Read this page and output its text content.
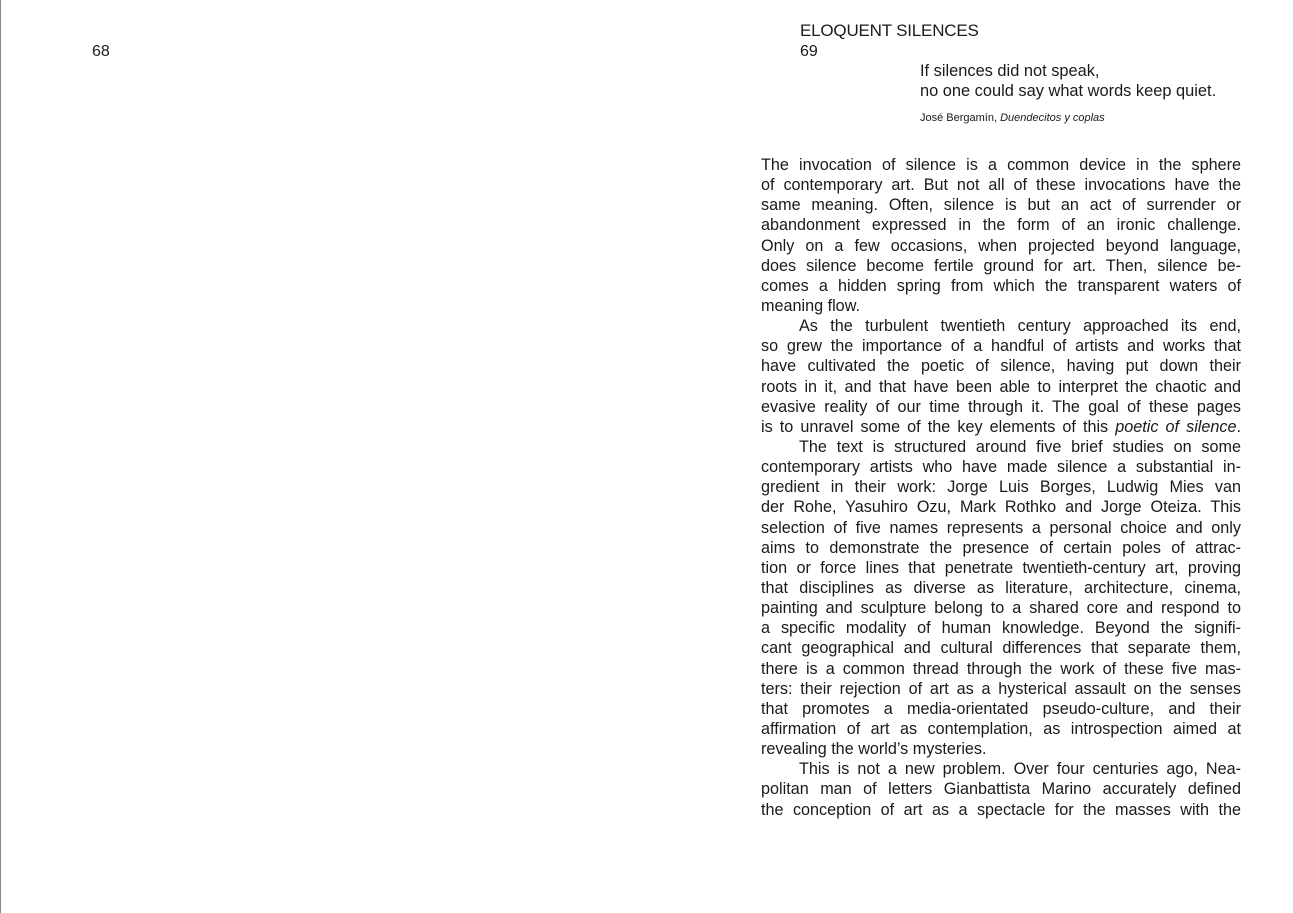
68
ELOQUENT SILENCES
69
If silences did not speak,
no one could say what words keep quiet.
José Bergamín, Duendecitos y coplas
The invocation of silence is a common device in the sphere
of contemporary art. But not all of these invocations have the
same meaning. Often, silence is but an act of surrender or
abandonment expressed in the form of an ironic challenge.
Only on a few occasions, when projected beyond language,
does silence become fertile ground for art. Then, silence be-
comes a hidden spring from which the transparent waters of
meaning flow.
As the turbulent twentieth century approached its end,
so grew the importance of a handful of artists and works that
have cultivated the poetic of silence, having put down their
roots in it, and that have been able to interpret the chaotic and
evasive reality of our time through it. The goal of these pages
is to unravel some of the key elements of this poetic of silence.
The text is structured around five brief studies on some
contemporary artists who have made silence a substantial in-
gredient in their work: Jorge Luis Borges, Ludwig Mies van
der Rohe, Yasuhiro Ozu, Mark Rothko and Jorge Oteiza. This
selection of five names represents a personal choice and only
aims to demonstrate the presence of certain poles of attrac-
tion or force lines that penetrate twentieth-century art, proving
that disciplines as diverse as literature, architecture, cinema,
painting and sculpture belong to a shared core and respond to
a specific modality of human knowledge. Beyond the signifi-
cant geographical and cultural differences that separate them,
there is a common thread through the work of these five mas-
ters: their rejection of art as a hysterical assault on the senses
that promotes a media-orientated pseudo-culture, and their
affirmation of art as contemplation, as introspection aimed at
revealing the world’s mysteries.
This is not a new problem. Over four centuries ago, Nea-
politan man of letters Gianbattista Marino accurately defined
the conception of art as a spectacle for the masses with the
